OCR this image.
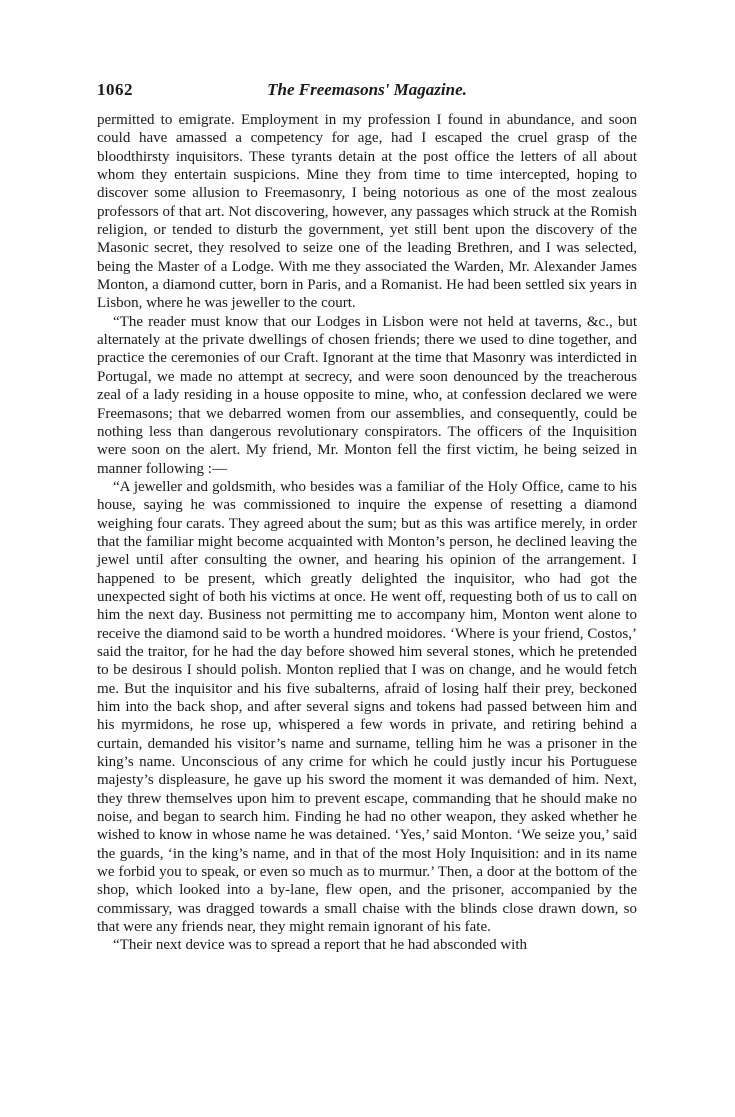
1062	The Freemasons' Magazine.

permitted to emigrate. Employment in my profession I found in abundance, and soon could have amassed a competency for age, had I escaped the cruel grasp of the bloodthirsty inquisitors. These tyrants detain at the post office the letters of all about whom they entertain suspicions. Mine they from time to time intercepted, hoping to discover some allusion to Freemasonry, I being notorious as one of the most zealous professors of that art. Not discovering, however, any passages which struck at the Romish religion, or tended to disturb the government, yet still bent upon the discovery of the Masonic secret, they resolved to seize one of the leading Brethren, and I was selected, being the Master of a Lodge. With me they associated the Warden, Mr. Alexander James Monton, a diamond cutter, born in Paris, and a Romanist. He had been settled six years in Lisbon, where he was jeweller to the court.

“The reader must know that our Lodges in Lisbon were not held at taverns, &c., but alternately at the private dwellings of chosen friends; there we used to dine together, and practice the ceremonies of our Craft. Ignorant at the time that Masonry was interdicted in Portugal, we made no attempt at secrecy, and were soon denounced by the treacherous zeal of a lady residing in a house opposite to mine, who, at confession declared we were Freemasons; that we debarred women from our assemblies, and consequently, could be nothing less than dangerous revolutionary conspirators. The officers of the Inquisition were soon on the alert. My friend, Mr. Monton fell the first victim, he being seized in manner following :—

“A jeweller and goldsmith, who besides was a familiar of the Holy Office, came to his house, saying he was commissioned to inquire the expense of resetting a diamond weighing four carats. They agreed about the sum; but as this was artifice merely, in order that the familiar might become acquainted with Monton’s person, he declined leaving the jewel until after consulting the owner, and hearing his opinion of the arrangement. I happened to be present, which greatly delighted the inquisitor, who had got the unexpected sight of both his victims at once. He went off, requesting both of us to call on him the next day. Business not permitting me to accompany him, Monton went alone to receive the diamond said to be worth a hundred moidores. ‘Where is your friend, Costos,’ said the traitor, for he had the day before showed him several stones, which he pretended to be desirous I should polish. Monton replied that I was on change, and he would fetch me. But the inquisitor and his five subalterns, afraid of losing half their prey, beckoned him into the back shop, and after several signs and tokens had passed between him and his myrmidons, he rose up, whispered a few words in private, and retiring behind a curtain, demanded his visitor’s name and surname, telling him he was a prisoner in the king’s name. Unconscious of any crime for which he could justly incur his Portuguese majesty’s displeasure, he gave up his sword the moment it was demanded of him. Next, they threw themselves upon him to prevent escape, commanding that he should make no noise, and began to search him. Finding he had no other weapon, they asked whether he wished to know in whose name he was detained. ‘Yes,’ said Monton. ‘We seize you,’ said the guards, ‘in the king’s name, and in that of the most Holy Inquisition: and in its name we forbid you to speak, or even so much as to murmur.’ Then, a door at the bottom of the shop, which looked into a by-lane, flew open, and the prisoner, accompanied by the commissary, was dragged towards a small chaise with the blinds close drawn down, so that were any friends near, they might remain ignorant of his fate.

“Their next device was to spread a report that he had absconded with
